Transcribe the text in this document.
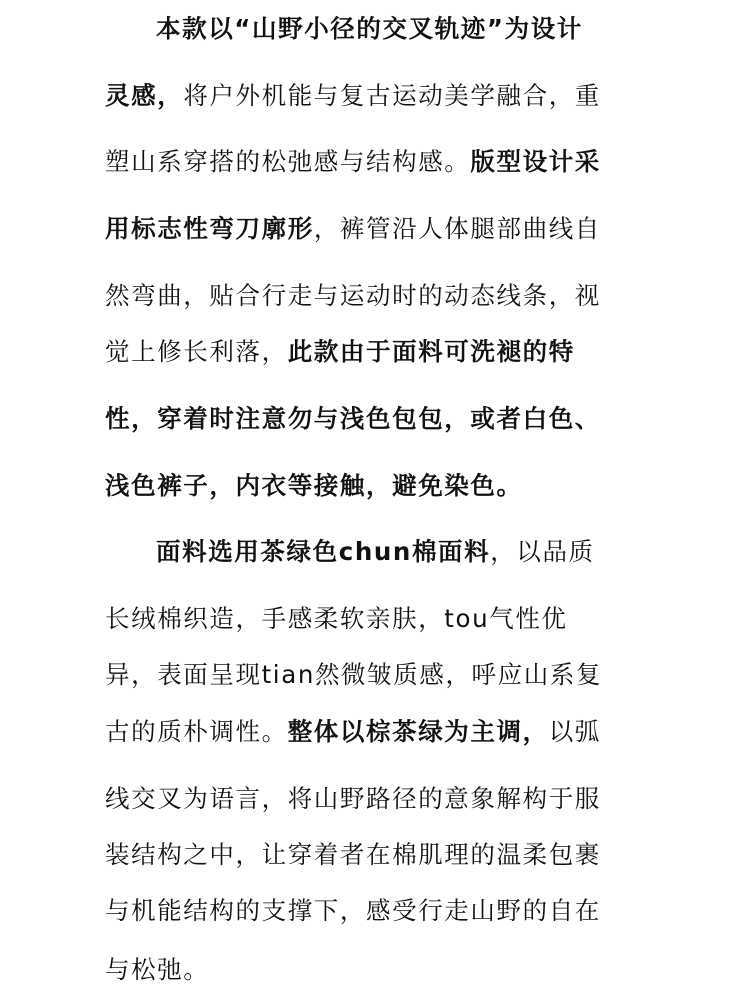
本款以“山野小径的交叉轨迹”为设计
灵感，将户外机能与复古运动美学融合，重
塑山系穿搭的松弛感与结构感。版型设计采
用标志性弯刀廓形，裤管沿人体腿部曲线自
然弯曲，贴合行走与运动时的动态线条，视
觉上修长利落，此款由于面料可洗褪的特
性，穿着时注意勿与浅色包包，或者白色、
浅色裤子，内衣等接触，避免染色。
面料选用茶绿色chun棉面料，以品质
长绒棉织造，手感柔软亲肤，tou气性优
异，表面呈现tian然微皱质感，呼应山系复
古的质朴调性。整体以棕茶绿为主调，以弧
线交叉为语言，将山野路径的意象解构于服
装结构之中，让穿着者在棉肌理的温柔包裹
与机能结构的支撑下，感受行走山野的自在
与松弛。
